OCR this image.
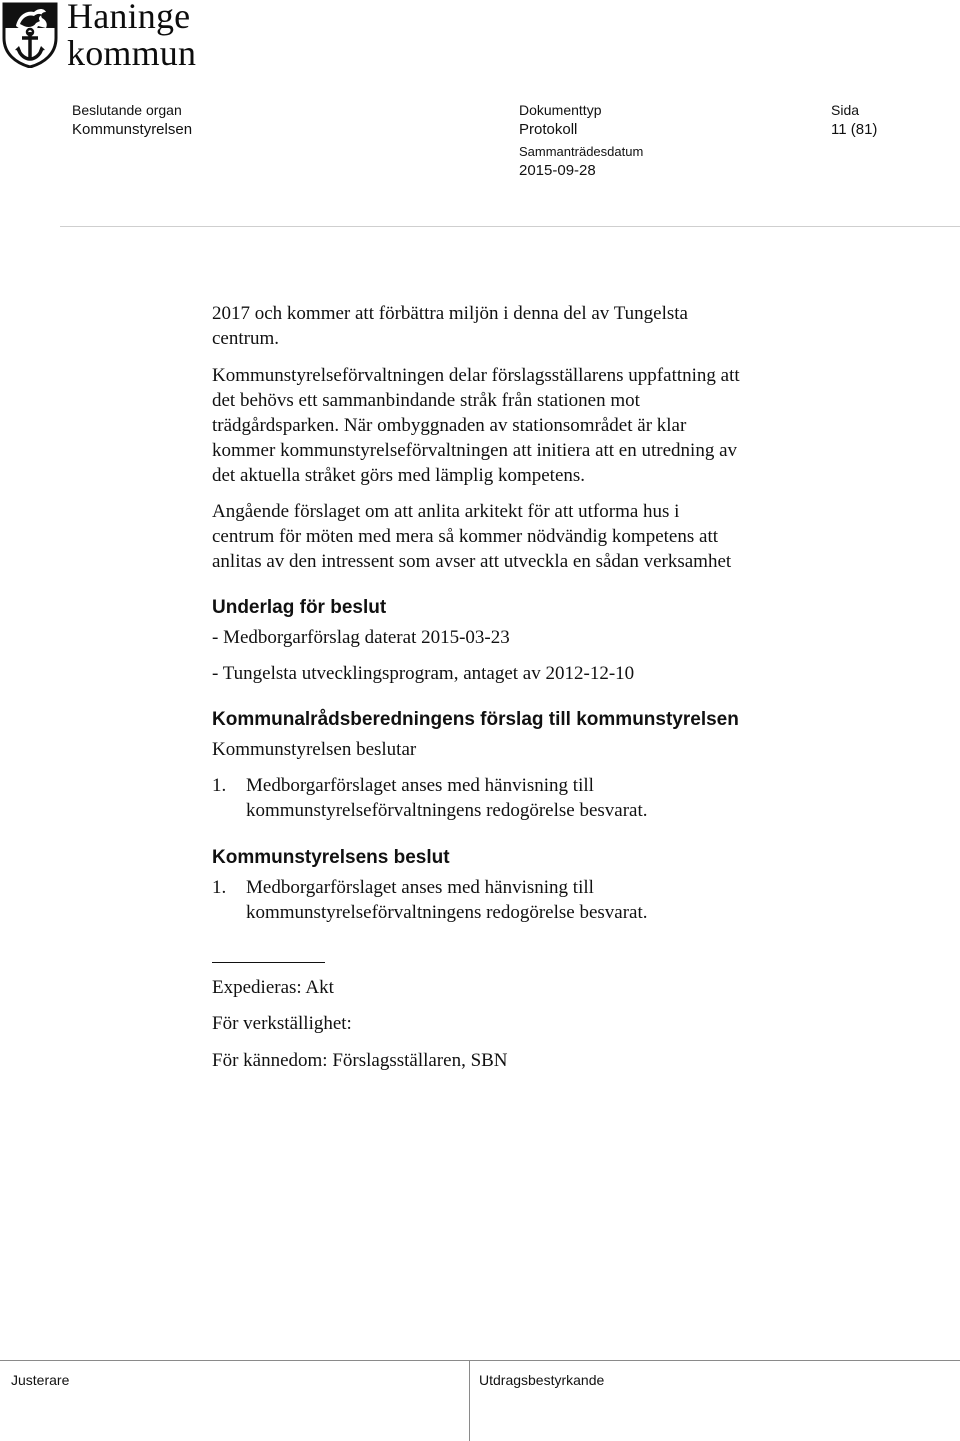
Haninge
kommun
Beslutande organ
Kommunstyrelsen
Dokumenttyp
Protokoll
Sammanträdesdatum
2015-09-28
Sida
11 (81)

2017 och kommer att förbättra miljön i denna del av Tungelsta
centrum.

Kommunstyrelseförvaltningen delar förslagsställarens uppfattning att
det behövs ett sammanbindande stråk från stationen mot
trädgårdsparken. När ombyggnaden av stationsområdet är klar
kommer kommunstyrelseförvaltningen att initiera att en utredning av
det aktuella stråket görs med lämplig kompetens.

Angående förslaget om att anlita arkitekt för att utforma hus i
centrum för möten med mera så kommer nödvändig kompetens att
anlitas av den intressent som avser att utveckla en sådan verksamhet

Underlag för beslut

- Medborgarförslag daterat 2015-03-23

- Tungelsta utvecklingsprogram, antaget av 2012-12-10

Kommunalrådsberedningens förslag till kommunstyrelsen

Kommunstyrelsen beslutar

1.	Medborgarförslaget anses med hänvisning till
kommunstyrelseförvaltningens redogörelse besvarat.
Kommunstyrelsens beslut
1.	Medborgarförslaget anses med hänvisning till
kommunstyrelseförvaltningens redogörelse besvarat.

Expedieras: Akt

För verkställighet:

För kännedom: Förslagsställaren, SBN

Justerare	Utdragsbestyrkande
